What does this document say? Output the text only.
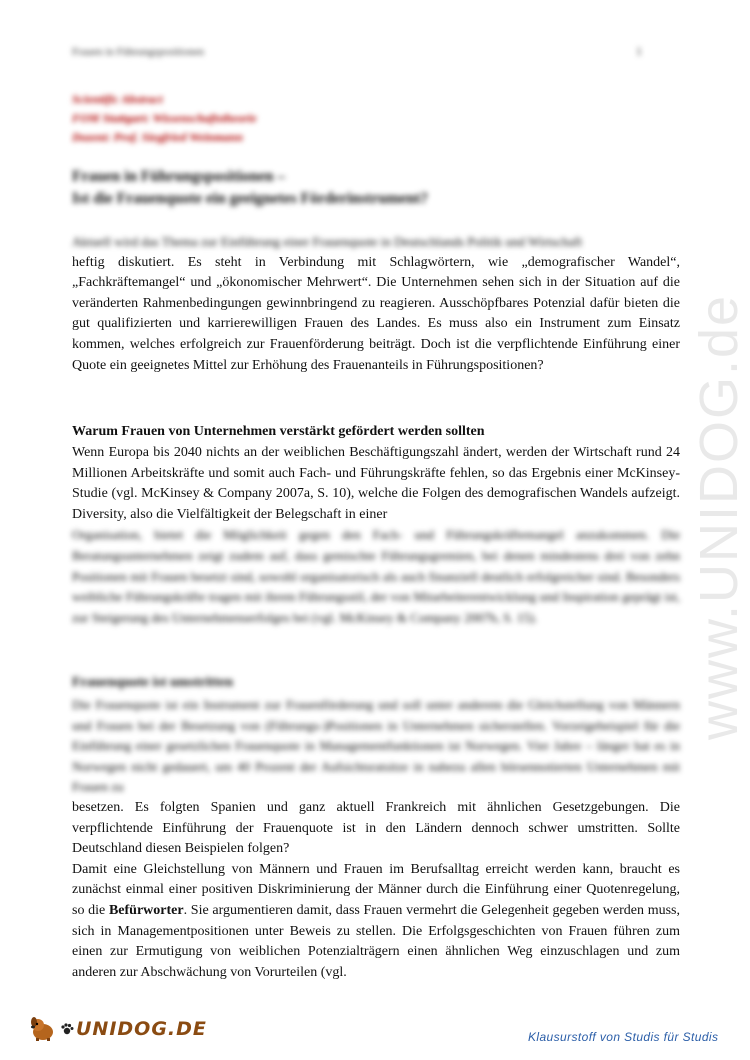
Frauen in Führungspositionen	1
Scientific Abstract
FOM Stuttgart: Wissenschaftstheorie
Dozent: Prof. Siegfried Weinmann
Frauen in Führungspositionen –
Ist die Frauenquote ein geeignetes Förderinstrument?

Aktuell wird das Thema zur Einführung einer Frauenquote in Deutschlands Politik und Wirtschaft

heftig diskutiert. Es steht in Verbindung mit Schlagwörtern, wie „demografischer Wandel“, „Fachkräftemangel“ und „ökonomischer Mehrwert“. Die Unternehmen sehen sich in der Situation auf die veränderten Rahmenbedingungen gewinnbringend zu reagieren. Ausschöpfbares Potenzial dafür bieten die gut qualifizierten und karrierewilligen Frauen des Landes. Es muss also ein Instrument zum Einsatz kommen, welches erfolgreich zur Frauenförderung beiträgt. Doch ist die verpflichtende Einführung einer Quote ein geeignetes Mittel zur Erhöhung des Frauenanteils in Führungspositionen?

Warum Frauen von Unternehmen verstärkt gefördert werden sollten

Wenn Europa bis 2040 nichts an der weiblichen Beschäftigungszahl ändert, werden der Wirtschaft rund 24 Millionen Arbeitskräfte und somit auch Fach- und Führungskräfte fehlen, so das Ergebnis einer McKinsey-Studie (vgl. McKinsey & Company 2007a, S. 10), welche die Folgen des demografischen Wandels aufzeigt. Diversity, also die Vielfältigkeit der Belegschaft in einer

Organisation, bietet die Möglichkeit gegen den Fach- und Führungskräftemangel anzukommen. Die Beratungsunternehmen zeigt zudem auf, dass gemischte Führungsgremien, bei denen mindestens drei von zehn Positionen mit Frauen besetzt sind, sowohl organisatorisch als auch finanziell deutlich erfolgreicher sind. Besonders weibliche Führungskräfte tragen mit ihrem Führungsstil, der von Mitarbeiterentwicklung und Inspiration geprägt ist, zur Steigerung des Unternehmenserfolges bei (vgl. McKinsey & Company 2007b, S. 15).

Frauenquote ist umstritten

Die Frauenquote ist ein Instrument zur Frauenförderung und soll unter anderem die Gleichstellung von Männern und Frauen bei der Besetzung von (Führungs-)Positionen in Unternehmen sicherstellen. Vorzeigebeispiel für die Einführung einer gesetzlichen Frauenquote in Managementfunktionen ist Norwegen. Vier Jahre – länger hat es in Norwegen nicht gedauert, um 40 Prozent der Aufsichtsratsitze in nahezu allen börsennotierten Unternehmen mit Frauen zu

besetzen. Es folgten Spanien und ganz aktuell Frankreich mit ähnlichen Gesetzgebungen. Die verpflichtende Einführung der Frauenquote ist in den Ländern dennoch schwer umstritten. Sollte Deutschland diesen Beispielen folgen?

Damit eine Gleichstellung von Männern und Frauen im Berufsalltag erreicht werden kann, braucht es zunächst einmal einer positiven Diskriminierung der Männer durch die Einführung einer Quotenregelung, so die Befürworter. Sie argumentieren damit, dass Frauen vermehrt die Gelegenheit gegeben werden muss, sich in Managementpositionen unter Beweis zu stellen. Die Erfolgsgeschichten von Frauen führen zum einen zur Ermutigung von weiblichen Potenzialträgern einen ähnlichen Weg einzuschlagen und zum anderen zur Abschwächung von Vorurteilen (vgl.

www.UNIDOG.de
UNIDOG.DE	Klausurstoff von Studis für Studis
